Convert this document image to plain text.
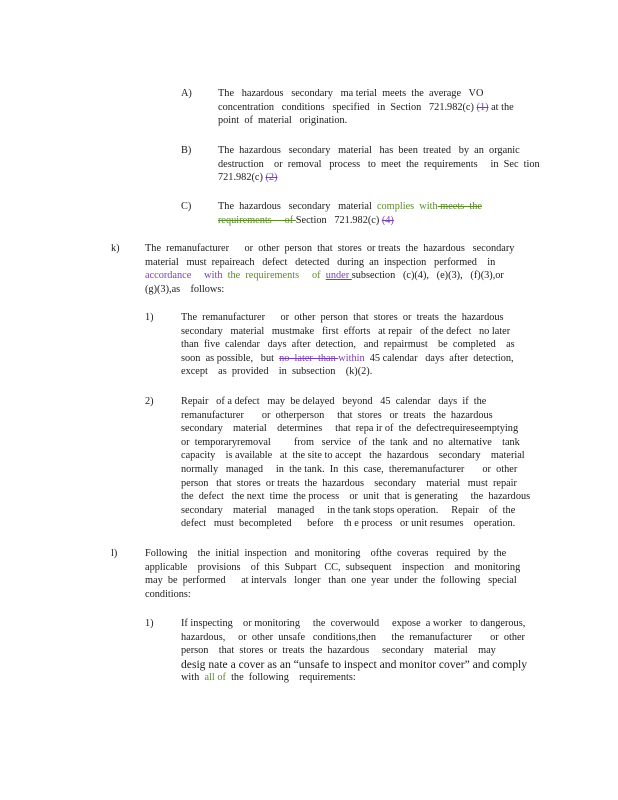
A)	The   hazardous   secondary   ma terial  meets  the  average   VO
concentration   conditions   specified   in  Section   721.982(c) (1) at the
point  of  material   origination.
B)	The  hazardous   secondary   material   has  been  treated   by  an  organic
destruction    or  removal   process   to  meet  the  requirements     in  Sec  tion
721.982(c) (2)
C)	The  hazardous   secondary   material  complies  with meets  the
requirements     of Section   721.982(c) (4)
k) The  remanufacturer      or  other  person  that  stores  or treats  the  hazardous   secondary
material   must  repaireach   defect   detected   during  an  inspection   performed    in
accordance     with  the  requirements     of under subsection   (c)(4),   (e)(3),   (f)(3),or
(g)(3),as    follows:
1)	The  remanufacturer      or  other  person  that  stores  or  treats  the  hazardous
secondary   material   mustmake   first  efforts   at repair   of the defect   no later
than  five  calendar   days  after  detection,   and  repairmust    be  completed    as
soon  as possible,   but  no  later  than within  45 calendar   days  after  detection,
except    as  provided    in  subsection    (k)(2).
2)	Repair   of a defect   may  be delayed   beyond   45  calendar   days  if  the
remanufacturer       or  otherperson     that  stores   or  treats   the  hazardous
secondary    material    determines     that  repa ir of  the  defectrequireseemptying
or  temporaryremoval         from   service   of  the  tank  and  no  alternative    tank
capacity    is available   at  the site to accept   the  hazardous    secondary    material
normally   managed     in  the tank.  In  this  case,  theremanufacturer       or  other
person   that  stores  or treats  the  hazardous    secondary    material   must  repair
the  defect   the next  time  the process    or  unit  that  is generating     the  hazardous
secondary    material    managed     in the tank stops operation.     Repair    of  the
defect   must  becompleted      before    th e process   or unit resumes    operation.
l)	Following    the  initial  inspection   and  monitoring    ofthe  coveras   required   by  the
applicable    provisions    of  this  Subpart   CC,  subsequent    inspection    and  monitoring
may  be  performed      at intervals   longer   than  one  year  under  the  following   special
conditions:
1)	If inspecting    or monitoring     the  coverwould     expose  a worker   to dangerous,
hazardous,     or  other  unsafe   conditions,then      the  remanufacturer       or  other
person    that  stores  or  treats  the  hazardous     secondary    material    may
desig nate a cover as an “unsafe to inspect and monitor cover” and comply
with  all of  the  following    requirements:
